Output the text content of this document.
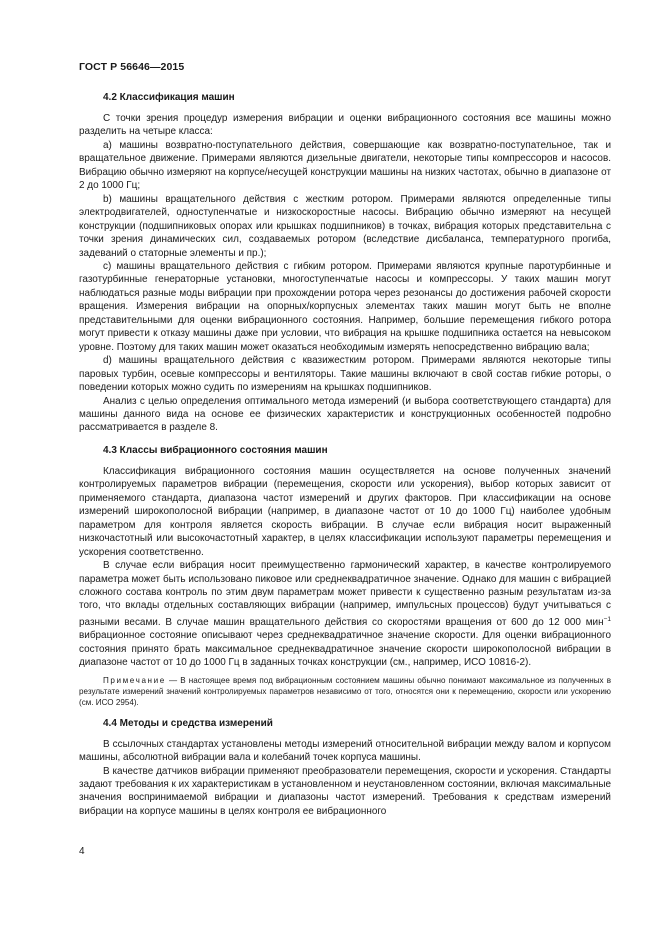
ГОСТ Р 56646—2015
4.2 Классификация машин

С точки зрения процедур измерения вибрации и оценки вибрационного состояния все машины можно разделить на четыре класса:

а) машины возвратно-поступательного действия, совершающие как возвратно-поступательное, так и вращательное движение. Примерами являются дизельные двигатели, некоторые типы компрессоров и насосов. Вибрацию обычно измеряют на корпусе/несущей конструкции машины на низких частотах, обычно в диапазоне от 2 до 1000 Гц;

b) машины вращательного действия с жестким ротором. Примерами являются определенные типы электродвигателей, одноступенчатые и низкоскоростные насосы. Вибрацию обычно измеряют на несущей конструкции (подшипниковых опорах или крышках подшипников) в точках, вибрация которых представительна с точки зрения динамических сил, создаваемых ротором (вследствие дисбаланса, температурного прогиба, задеваний о статорные элементы и пр.);

c) машины вращательного действия с гибким ротором. Примерами являются крупные паротурбинные и газотурбинные генераторные установки, многоступенчатые насосы и компрессоры. У таких машин могут наблюдаться разные моды вибрации при прохождении ротора через резонансы до достижения рабочей скорости вращения. Измерения вибрации на опорных/корпусных элементах таких машин могут быть не вполне представительными для оценки вибрационного состояния. Например, большие перемещения гибкого ротора могут привести к отказу машины даже при условии, что вибрация на крышке подшипника остается на невысоком уровне. Поэтому для таких машин может оказаться необходимым измерять непосредственно вибрацию вала;

d) машины вращательного действия с квазижестким ротором. Примерами являются некоторые типы паровых турбин, осевые компрессоры и вентиляторы. Такие машины включают в свой состав гибкие роторы, о поведении которых можно судить по измерениям на крышках подшипников.

Анализ с целью определения оптимального метода измерений (и выбора соответствующего стандарта) для машины данного вида на основе ее физических характеристик и конструкционных особенностей подробно рассматривается в разделе 8.

4.3 Классы вибрационного состояния машин

Классификация вибрационного состояния машин осуществляется на основе полученных значений контролируемых параметров вибрации (перемещения, скорости или ускорения), выбор которых зависит от применяемого стандарта, диапазона частот измерений и других факторов. При классификации на основе измерений широкополосной вибрации (например, в диапазоне частот от 10 до 1000 Гц) наиболее удобным параметром для контроля является скорость вибрации. В случае если вибрация носит выраженный низкочастотный или высокочастотный характер, в целях классификации используют параметры перемещения и ускорения соответственно.

В случае если вибрация носит преимущественно гармонический характер, в качестве контролируемого параметра может быть использовано пиковое или среднеквадратичное значение. Однако для машин с вибрацией сложного состава контроль по этим двум параметрам может привести к существенно разным результатам из-за того, что вклады отдельных составляющих вибрации (например, импульсных процессов) будут учитываться с разными весами. В случае машин вращательного действия со скоростями вращения от 600 до 12 000 мин$^{-1}$ вибрационное состояние описывают через среднеквадратичное значение скорости. Для оценки вибрационного состояния принято брать максимальное среднеквадратичное значение скорости широкополосной вибрации в диапазоне частот от 10 до 1000 Гц в заданных точках конструкции (см., например, ИСО 10816-2).

Примечание — В настоящее время под вибрационным состоянием машины обычно понимают максимальное из полученных в результате измерений значений контролируемых параметров независимо от того, относятся они к перемещению, скорости или ускорению (см. ИСО 2954).

4.4 Методы и средства измерений

В ссылочных стандартах установлены методы измерений относительной вибрации между валом и корпусом машины, абсолютной вибрации вала и колебаний точек корпуса машины.

В качестве датчиков вибрации применяют преобразователи перемещения, скорости и ускорения. Стандарты задают требования к их характеристикам в установленном и неустановленном состоянии, включая максимальные значения воспринимаемой вибрации и диапазоны частот измерений. Требования к средствам измерений вибрации на корпусе машины в целях контроля ее вибрационного

4
